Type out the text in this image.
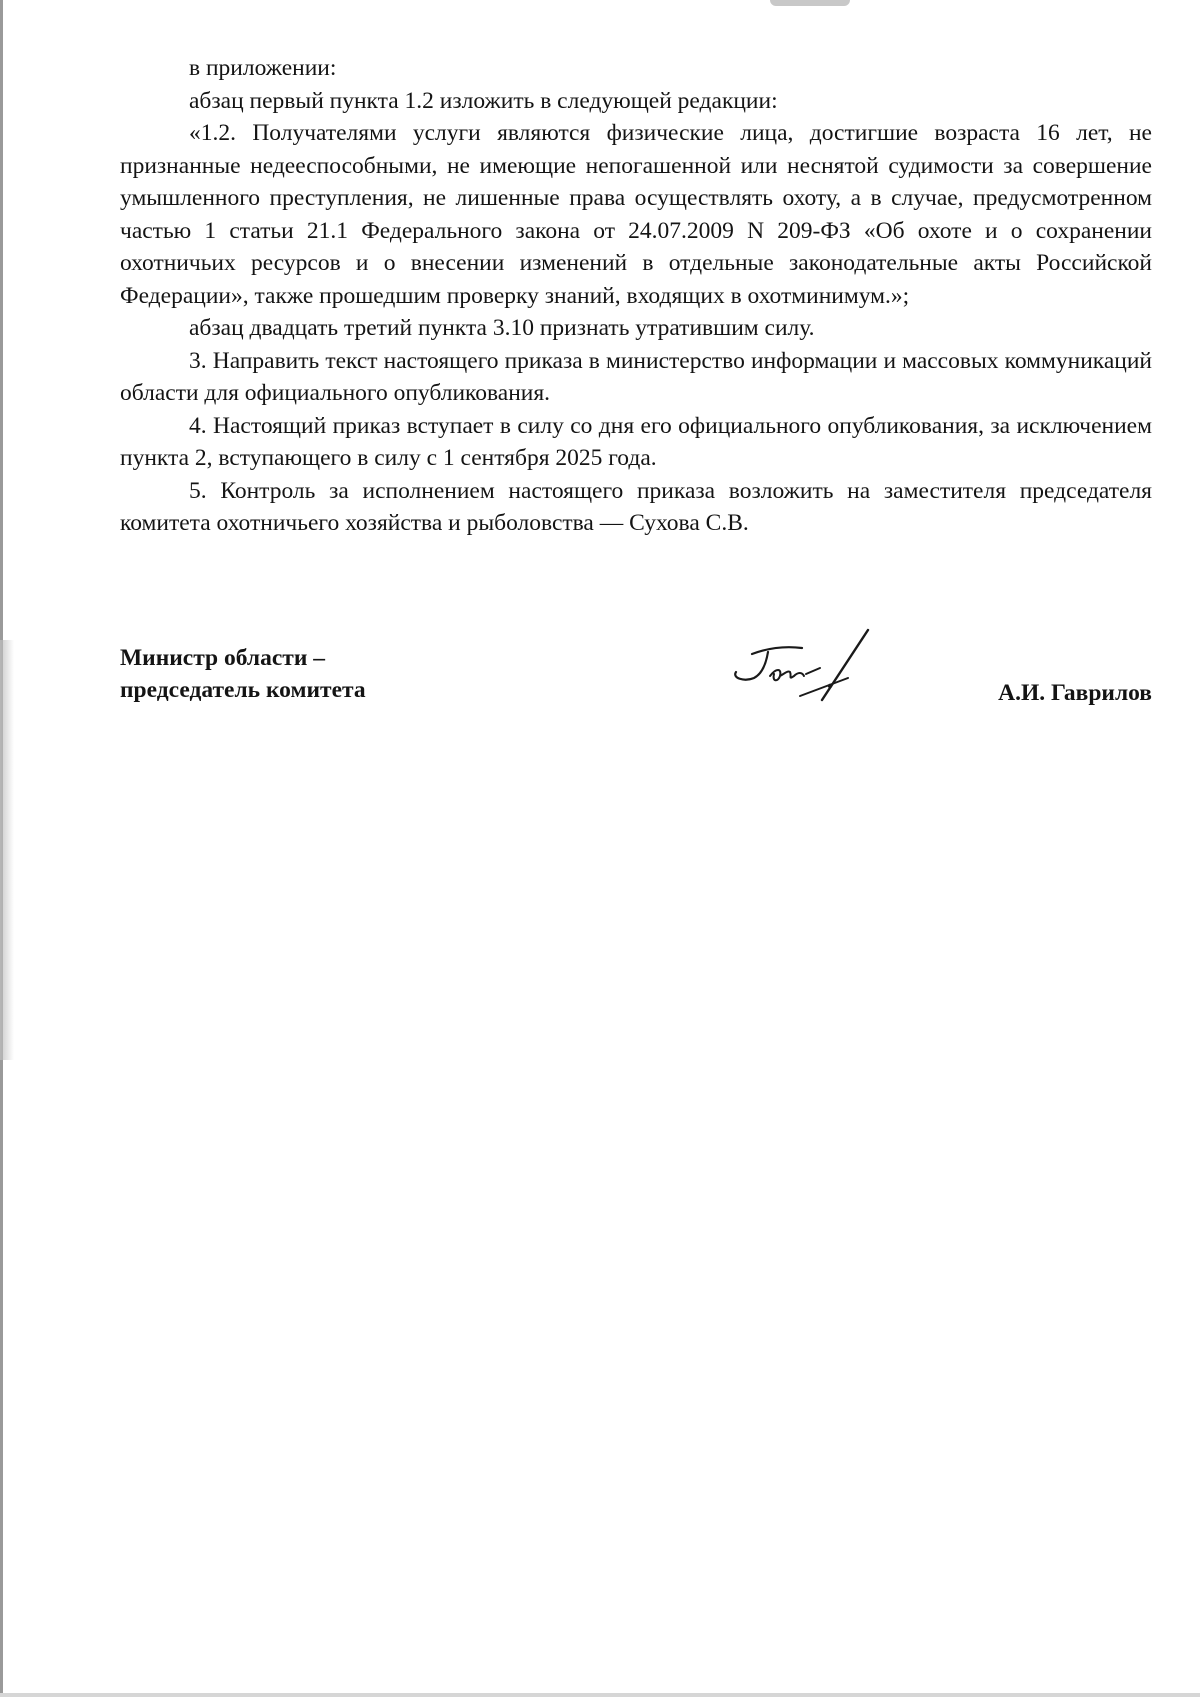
в приложении:

абзац первый пункта 1.2 изложить в следующей редакции:

«1.2. Получателями услуги являются физические лица, достигшие возраста 16 лет, не признанные недееспособными, не имеющие непогашенной или неснятой судимости за совершение умышленного преступления, не лишенные права осуществлять охоту, а в случае, предусмотренном частью 1 статьи 21.1 Федерального закона от 24.07.2009 N 209-ФЗ «Об охоте и о сохранении охотничьих ресурсов и о внесении изменений в отдельные законодательные акты Российской Федерации», также прошедшим проверку знаний, входящих в охотминимум.»;

абзац двадцать третий пункта 3.10 признать утратившим силу.

3. Направить текст настоящего приказа в министерство информации и массовых коммуникаций области для официального опубликования.

4. Настоящий приказ вступает в силу со дня его официального опубликования, за исключением пункта 2, вступающего в силу с 1 сентября 2025 года.

5. Контроль за исполнением настоящего приказа возложить на заместителя председателя комитета охотничьего хозяйства и рыболовства — Сухова С.В.

Министр области –
председатель комитета	А.И. Гаврилов
